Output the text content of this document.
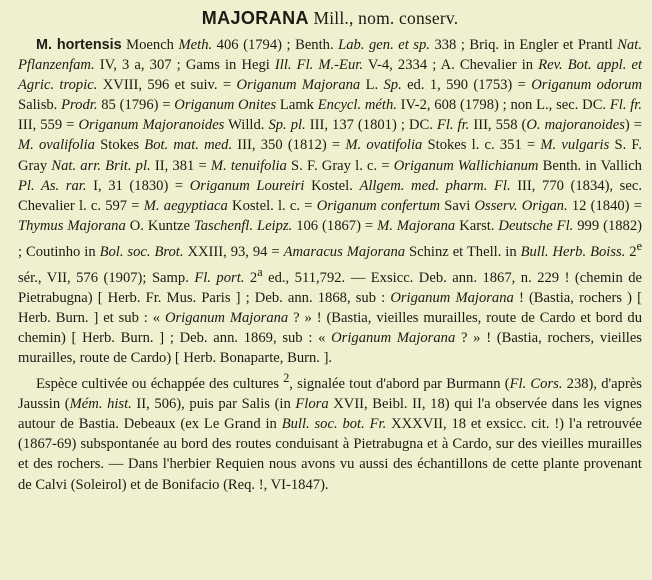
MAJORANA Mill., nom. conserv.

M. hortensis Moench Meth. 406 (1794) ; Benth. Lab. gen. et sp. 338 ; Briq. in Engler et Prantl Nat. Pflanzenfam. IV, 3 a, 307 ; Gams in Hegi Ill. Fl. M.-Eur. V-4, 2334 ; A. Chevalier in Rev. Bot. appl. et Agric. tropic. XVIII, 596 et suiv. = Origanum Majorana L. Sp. ed. 1, 590 (1753) = Origanum odorum Salisb. Prodr. 85 (1796) = Origanum Onites Lamk Encycl. méth. IV-2, 608 (1798) ; non L., sec. DC. Fl. fr. III, 559 = Origanum Majoranoides Willd. Sp. pl. III, 137 (1801) ; DC. Fl. fr. III, 558 (O. majoranoides) = M. ovalifolia Stokes Bot. mat. med. III, 350 (1812) = M. ovatifolia Stokes l. c. 351 = M. vulgaris S. F. Gray Nat. arr. Brit. pl. II, 381 = M. tenuifolia S. F. Gray l. c. = Origanum Wallichianum Benth. in Vallich Pl. As. rar. I, 31 (1830) = Origanum Loureiri Kostel. Allgem. med. pharm. Fl. III, 770 (1834), sec. Chevalier l. c. 597 = M. aegyptiaca Kostel. l. c. = Origanum confertum Savi Osserv. Origan. 12 (1840) = Thymus Majorana O. Kuntze Taschenfl. Leipz. 106 (1867) = M. Majorana Karst. Deutsche Fl. 999 (1882) ; Coutinho in Bol. soc. Brot. XXIII, 93, 94 = Amaracus Majorana Schinz et Thell. in Bull. Herb. Boiss. 2e sér., VII, 576 (1907); Samp. Fl. port. 2$^a$ ed., 511,792. — Exsicc. Deb. ann. 1867, n. 229 ! (chemin de Pietrabugna) [ Herb. Fr. Mus. Paris ] ; Deb. ann. 1868, sub : Origanum Majorana ! (Bastia, rochers ) [ Herb. Burn. ] et sub : « Origanum Majorana ? » ! (Bastia, vieilles murailles, route de Cardo et bord du chemin) [ Herb. Burn. ] ; Deb. ann. 1869, sub : « Origanum Majorana ? » ! (Bastia, rochers, vieilles murailles, route de Cardo) [ Herb. Bonaparte, Burn. ].

Espèce cultivée ou échappée des cultures $^2$, signalée tout d'abord par Burmann (Fl. Cors. 238), d'après Jaussin (Mém. hist. II, 506), puis par Salis (in Flora XVII, Beibl. II, 18) qui l'a observée dans les vignes autour de Bastia. Debeaux (ex Le Grand in Bull. soc. bot. Fr. XXXVII, 18 et exsicc. cit. !) l'a retrouvée (1867-69) subspontanée au bord des routes conduisant à Pietrabugna et à Cardo, sur des vieilles murailles et des rochers. — Dans l'herbier Requien nous avons vu aussi des échantillons de cette plante provenant de Calvi (Soleirol) et de Bonifacio (Req. !, VI-1847).
